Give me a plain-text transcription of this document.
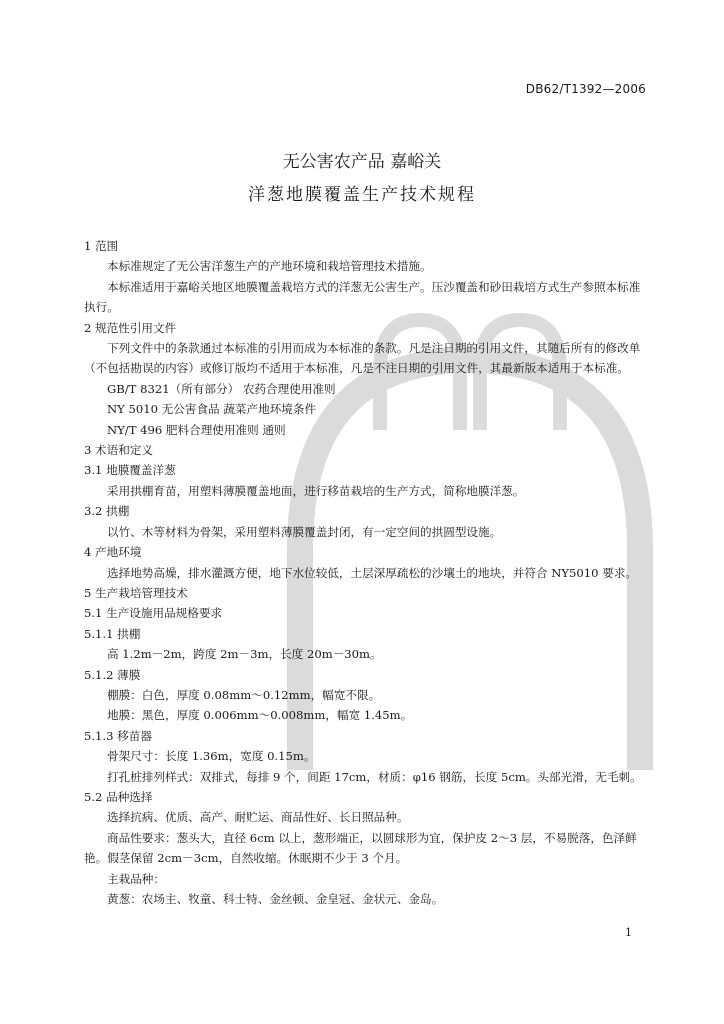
DB62/T1392—2006
无公害农产品 嘉峪关
洋葱地膜覆盖生产技术规程

1 范围

本标准规定了无公害洋葱生产的产地环境和栽培管理技术措施。

本标准适用于嘉峪关地区地膜覆盖栽培方式的洋葱无公害生产。压沙覆盖和砂田栽培方式生产参照本标准执行。

2 规范性引用文件

下列文件中的条款通过本标准的引用而成为本标准的条款。凡是注日期的引用文件，其随后所有的修改单（不包括勘误的内容）或修订版均不适用于本标准，凡是不注日期的引用文件，其最新版本适用于本标准。

GB/T 8321（所有部分） 农药合理使用准则

NY 5010 无公害食品 蔬菜产地环境条件

NY/T 496 肥料合理使用准则 通则

3 术语和定义

3.1 地膜覆盖洋葱

采用拱棚育苗，用塑料薄膜覆盖地面，进行移苗栽培的生产方式，简称地膜洋葱。

3.2 拱棚

以竹、木等材料为骨架，采用塑料薄膜覆盖封闭，有一定空间的拱圆型设施。

4 产地环境

选择地势高燥，排水灌溉方便，地下水位较低，土层深厚疏松的沙壤土的地块，并符合 NY5010 要求。

5 生产栽培管理技术

5.1 生产设施用品规格要求

5.1.1 拱棚

高 1.2m－2m，跨度 2m－3m，长度 20m－30m。

5.1.2 薄膜

棚膜：白色，厚度 0.08mm～0.12mm，幅宽不限。

地膜：黑色，厚度 0.006mm～0.008mm，幅宽 1.45m。

5.1.3 移苗器

骨架尺寸：长度 1.36m，宽度 0.15m。

打孔桩排列样式：双排式，每排 9 个，间距 17cm，材质：φ16 钢筋，长度 5cm。头部光滑，无毛刺。

5.2 品种选择

选择抗病、优质、高产、耐贮运、商品性好、长日照品种。

商品性要求：葱头大，直径 6cm 以上，葱形端正，以圆球形为宜，保护皮 2～3 层，不易脱落，色泽鲜艳。假茎保留 2cm－3cm，自然收缩。休眠期不少于 3 个月。

主栽品种：

黄葱：农场主、牧童、科士特、金丝顿、金皇冠、金状元、金岛。

1
